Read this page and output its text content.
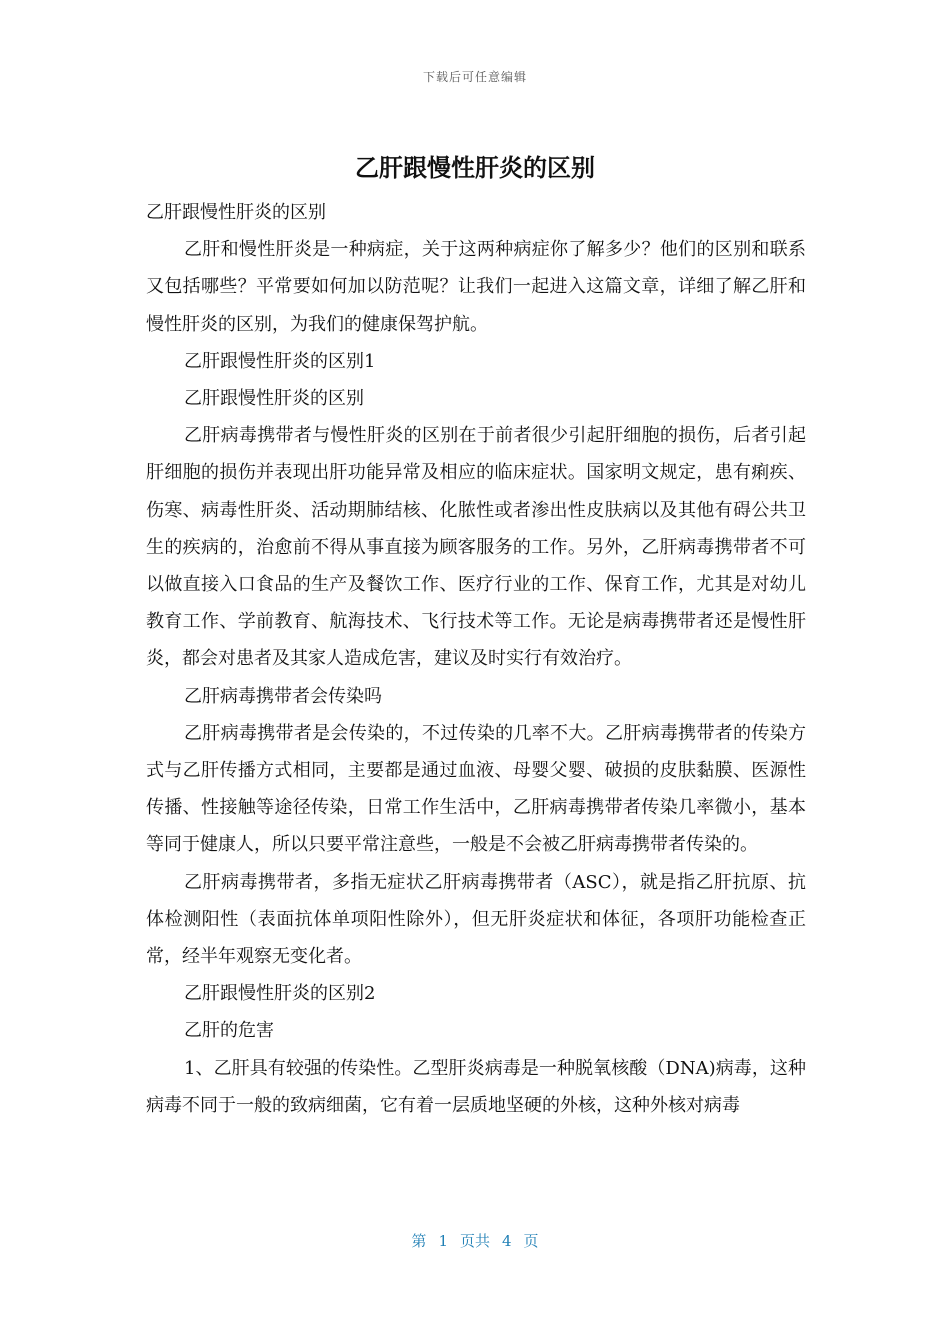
下载后可任意编辑
乙肝跟慢性肝炎的区别

乙肝跟慢性肝炎的区别

乙肝和慢性肝炎是一种病症，关于这两种病症你了解多少？他们的区别和联系又包括哪些？平常要如何加以防范呢？让我们一起进入这篇文章，详细了解乙肝和慢性肝炎的区别，为我们的健康保驾护航。

乙肝跟慢性肝炎的区别1

乙肝跟慢性肝炎的区别

乙肝病毒携带者与慢性肝炎的区别在于前者很少引起肝细胞的损伤，后者引起肝细胞的损伤并表现出肝功能异常及相应的临床症状。国家明文规定，患有痢疾、伤寒、病毒性肝炎、活动期肺结核、化脓性或者渗出性皮肤病以及其他有碍公共卫生的疾病的，治愈前不得从事直接为顾客服务的工作。另外，乙肝病毒携带者不可以做直接入口食品的生产及餐饮工作、医疗行业的工作、保育工作，尤其是对幼儿教育工作、学前教育、航海技术、飞行技术等工作。无论是病毒携带者还是慢性肝炎，都会对患者及其家人造成危害，建议及时实行有效治疗。

乙肝病毒携带者会传染吗

乙肝病毒携带者是会传染的，不过传染的几率不大。乙肝病毒携带者的传染方式与乙肝传播方式相同，主要都是通过血液、母婴父婴、破损的皮肤黏膜、医源性传播、性接触等途径传染，日常工作生活中，乙肝病毒携带者传染几率微小，基本等同于健康人，所以只要平常注意些，一般是不会被乙肝病毒携带者传染的。

乙肝病毒携带者，多指无症状乙肝病毒携带者（ASC），就是指乙肝抗原、抗体检测阳性（表面抗体单项阳性除外），但无肝炎症状和体征，各项肝功能检查正常，经半年观察无变化者。

乙肝跟慢性肝炎的区别2

乙肝的危害

1、乙肝具有较强的传染性。乙型肝炎病毒是一种脱氧核酸（DNA)病毒，这种病毒不同于一般的致病细菌，它有着一层质地坚硬的外核，这种外核对病毒

第 1 页共 4 页
